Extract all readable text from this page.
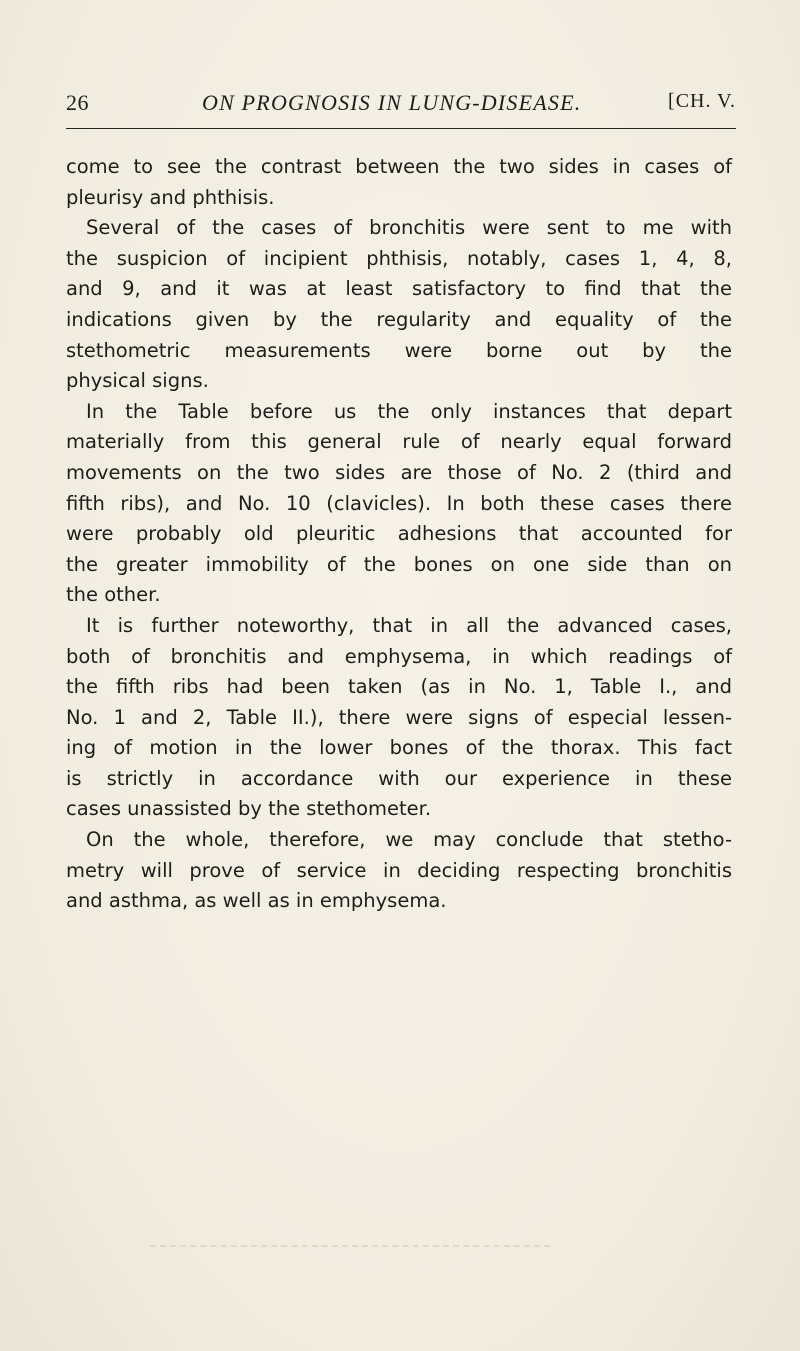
26	ON PROGNOSIS IN LUNG-DISEASE.	[CH. V.
come to see the contrast between the two sides in cases of
pleurisy and phthisis.
Several of the cases of bronchitis were sent to me with
the suspicion of incipient phthisis, notably, cases 1, 4, 8,
and 9, and it was at least satisfactory to find that the
indications given by the regularity and equality of the
stethometric measurements were borne out by the
physical signs.
In the Table before us the only instances that depart
materially from this general rule of nearly equal forward
movements on the two sides are those of No. 2 (third and
fifth ribs), and No. 10 (clavicles). In both these cases there
were probably old pleuritic adhesions that accounted for
the greater immobility of the bones on one side than on
the other.
It is further noteworthy, that in all the advanced cases,
both of bronchitis and emphysema, in which readings of
the fifth ribs had been taken (as in No. 1, Table I., and
No. 1 and 2, Table II.), there were signs of especial lessen-
ing of motion in the lower bones of the thorax. This fact
is strictly in accordance with our experience in these
cases unassisted by the stethometer.
On the whole, therefore, we may conclude that stetho-
metry will prove of service in deciding respecting bronchitis
and asthma, as well as in emphysema.
